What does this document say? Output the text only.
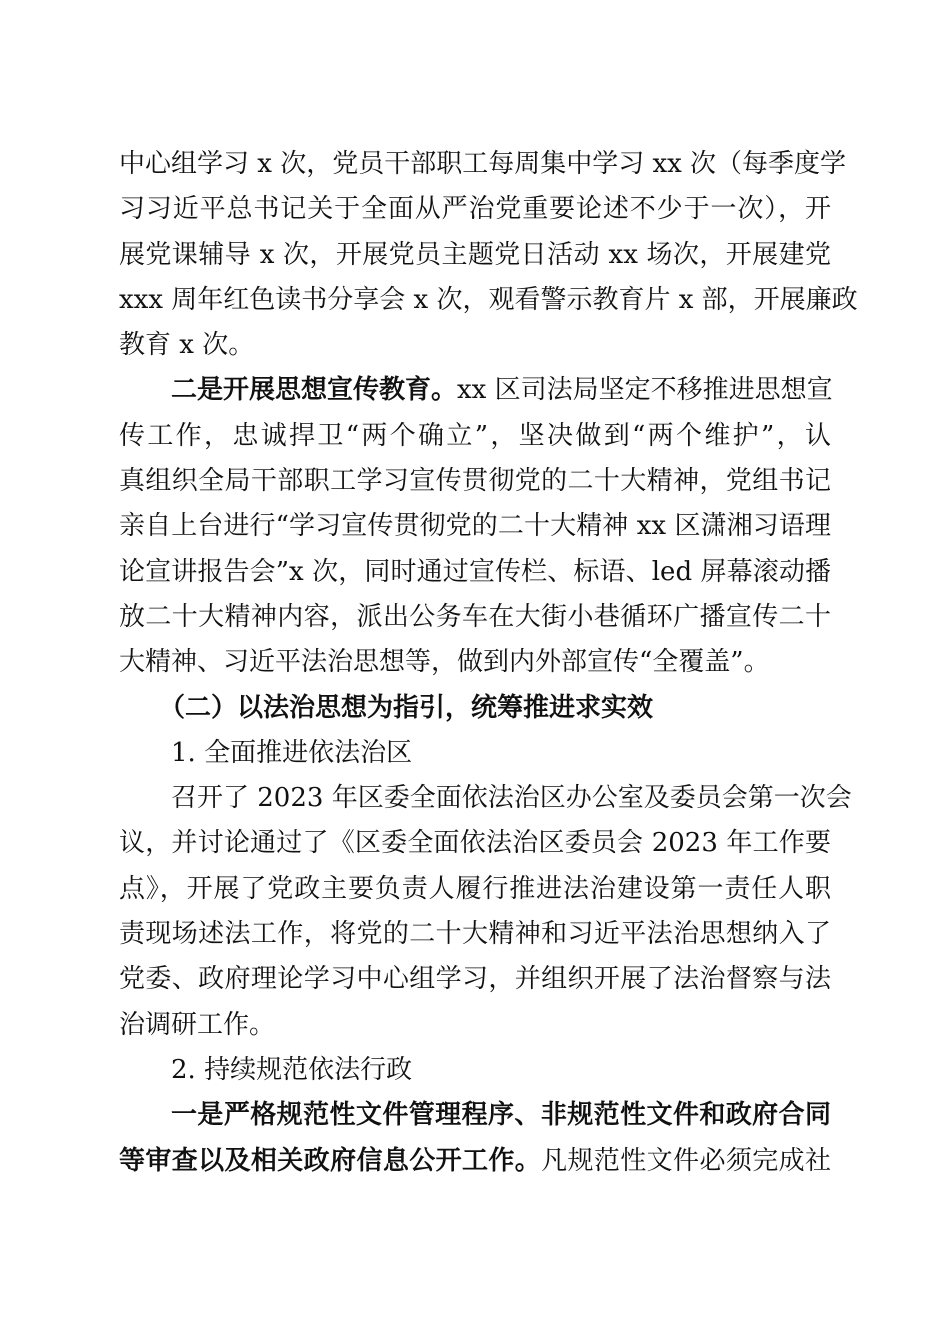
中心组学习 x 次，党员干部职工每周集中学习 xx 次（每季度学
习习近平总书记关于全面从严治党重要论述不少于一次），开
展党课辅导 x 次，开展党员主题党日活动 xx 场次，开展建党
xxx 周年红色读书分享会 x 次，观看警示教育片 x 部，开展廉政
教育 x 次。
二是开展思想宣传教育。xx 区司法局坚定不移推进思想宣
传工作，忠诚捍卫“两个确立”，坚决做到“两个维护”，认
真组织全局干部职工学习宣传贯彻党的二十大精神，党组书记
亲自上台进行“学习宣传贯彻党的二十大精神 xx 区潇湘习语理
论宣讲报告会”x 次，同时通过宣传栏、标语、led 屏幕滚动播
放二十大精神内容，派出公务车在大街小巷循环广播宣传二十
大精神、习近平法治思想等，做到内外部宣传“全覆盖”。
（二）以法治思想为指引，统筹推进求实效
1. 全面推进依法治区
召开了 2023 年区委全面依法治区办公室及委员会第一次会
议，并讨论通过了《区委全面依法治区委员会 2023 年工作要
点》，开展了党政主要负责人履行推进法治建设第一责任人职
责现场述法工作，将党的二十大精神和习近平法治思想纳入了
党委、政府理论学习中心组学习，并组织开展了法治督察与法
治调研工作。
2. 持续规范依法行政
一是严格规范性文件管理程序、非规范性文件和政府合同
等审查以及相关政府信息公开工作。凡规范性文件必须完成社
